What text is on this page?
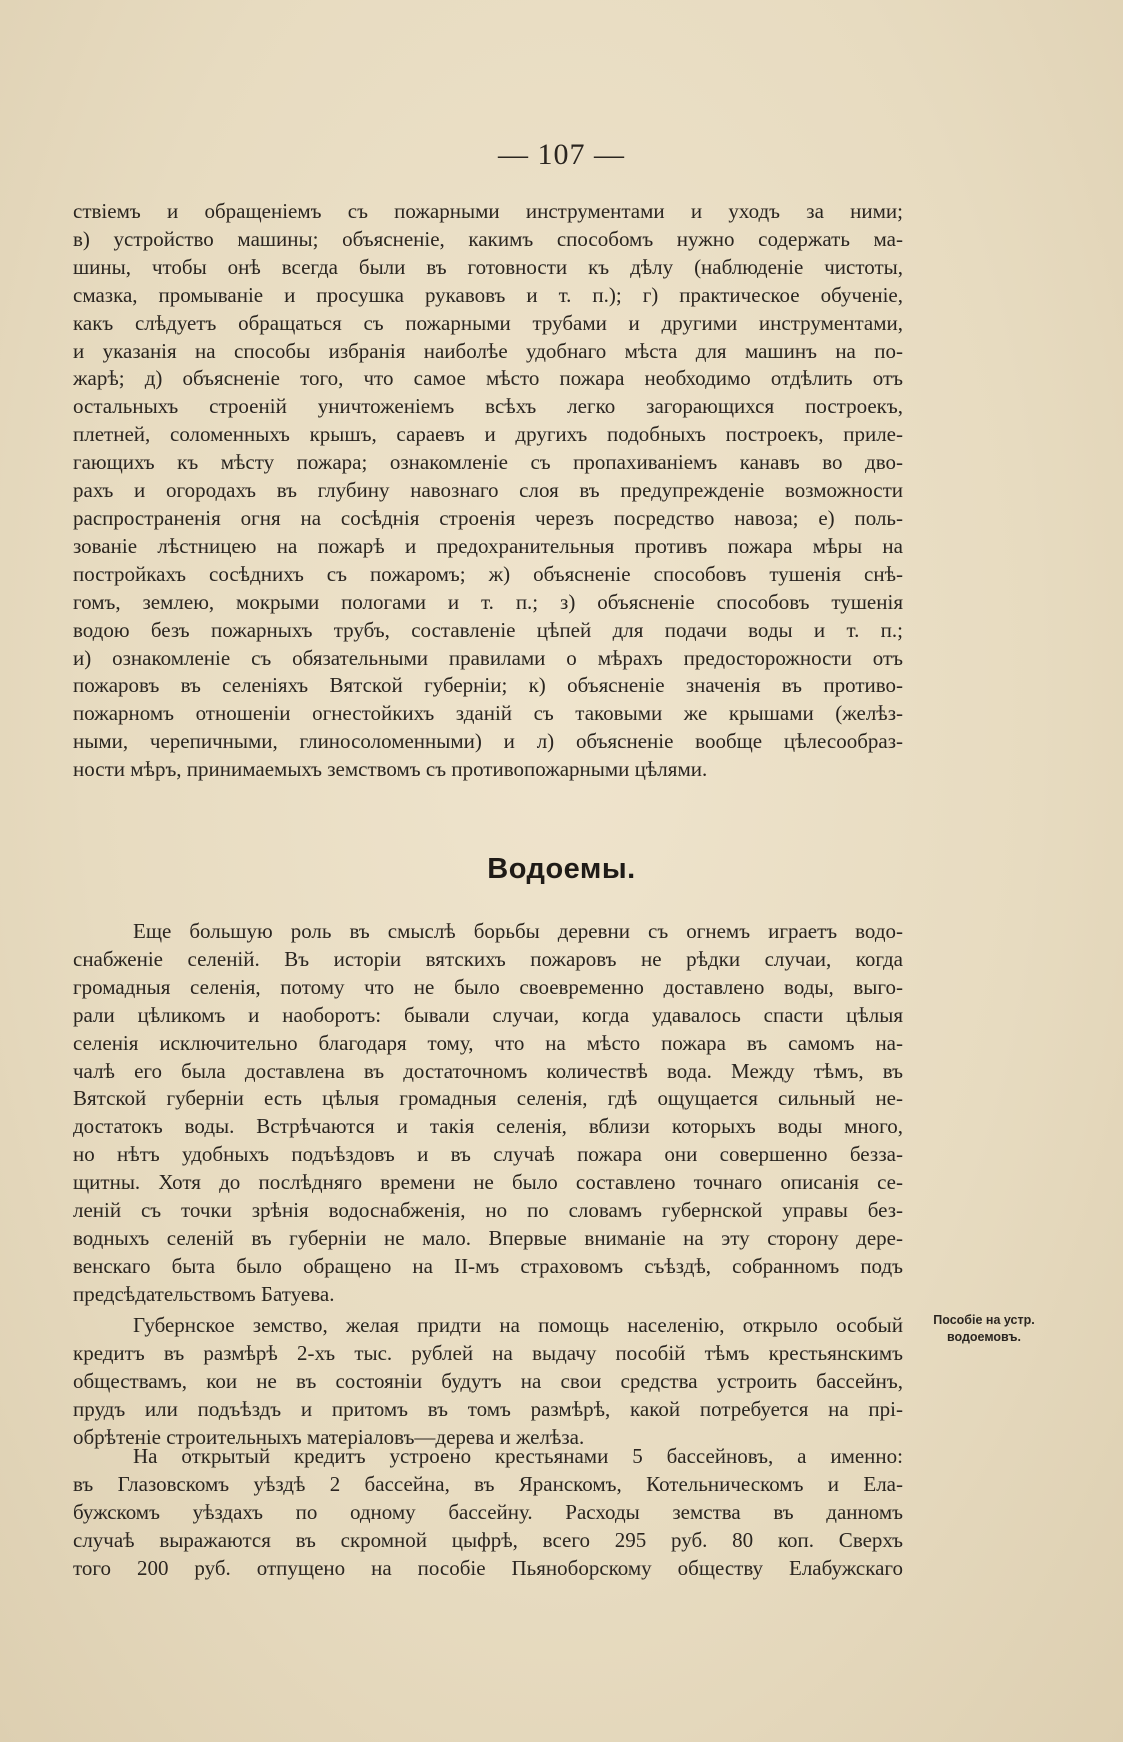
— 107 —
ствіемъ и обращеніемъ съ пожарными инструментами и уходъ за ними;
в) устройство машины; объясненіе, какимъ способомъ нужно содержать ма-
шины, чтобы онѣ всегда были въ готовности къ дѣлу (наблюденіе чистоты,
смазка, промываніе и просушка рукавовъ и т. п.); г) практическое обученіе,
какъ слѣдуетъ обращаться съ пожарными трубами и другими инструментами,
и указанія на способы избранія наиболѣе удобнаго мѣста для машинъ на по-
жарѣ; д) объясненіе того, что самое мѣсто пожара необходимо отдѣлить отъ
остальныхъ строеній уничтоженіемъ всѣхъ легко загорающихся построекъ,
плетней, соломенныхъ крышъ, сараевъ и другихъ подобныхъ построекъ, приле-
гающихъ къ мѣсту пожара; ознакомленіе съ пропахиваніемъ канавъ во дво-
рахъ и огородахъ въ глубину навознаго слоя въ предупрежденіе возможности
распространенія огня на сосѣднія строенія черезъ посредство навоза; е) поль-
зованіе лѣстницею на пожарѣ и предохранительныя противъ пожара мѣры на
постройкахъ сосѣднихъ съ пожаромъ; ж) объясненіе способовъ тушенія снѣ-
гомъ, землею, мокрыми пологами и т. п.; з) объясненіе способовъ тушенія
водою безъ пожарныхъ трубъ, составленіе цѣпей для подачи воды и т. п.;
и) ознакомленіе съ обязательными правилами о мѣрахъ предосторожности отъ
пожаровъ въ селеніяхъ Вятской губерніи; к) объясненіе значенія въ противо-
пожарномъ отношеніи огнестойкихъ зданій съ таковыми же крышами (желѣз-
ными, черепичными, глиносоломенными) и л) объясненіе вообще цѣлесообраз-
ности мѣръ, принимаемыхъ земствомъ съ противопожарными цѣлями.
Водоемы.
Еще большую роль въ смыслѣ борьбы деревни съ огнемъ играетъ водо-
снабженіе селеній. Въ исторіи вятскихъ пожаровъ не рѣдки случаи, когда
громадныя селенія, потому что не было своевременно доставлено воды, выго-
рали цѣликомъ и наоборотъ: бывали случаи, когда удавалось спасти цѣлыя
селенія исключительно благодаря тому, что на мѣсто пожара въ самомъ на-
чалѣ его была доставлена въ достаточномъ количествѣ вода. Между тѣмъ, въ
Вятской губерніи есть цѣлыя громадныя селенія, гдѣ ощущается сильный не-
достатокъ воды. Встрѣчаются и такія селенія, вблизи которыхъ воды много,
но нѣтъ удобныхъ подъѣздовъ и въ случаѣ пожара они совершенно безза-
щитны. Хотя до послѣдняго времени не было составлено точнаго описанія се-
леній съ точки зрѣнія водоснабженія, но по словамъ губернской управы без-
водныхъ селеній въ губерніи не мало. Впервые вниманіе на эту сторону дере-
венскаго быта было обращено на II-мъ страховомъ съѣздѣ, собранномъ подъ
предсѣдательствомъ Батуева.
Губернское земство, желая придти на помощь населенію, открыло особый
кредитъ въ размѣрѣ 2-хъ тыс. рублей на выдачу пособій тѣмъ крестьянскимъ
обществамъ, кои не въ состояніи будутъ на свои средства устроить бассейнъ,
прудъ или подъѣздъ и притомъ въ томъ размѣрѣ, какой потребуется на прі-
обрѣтеніе строительныхъ матеріаловъ—дерева и желѣза.
Пособіе на устр.
водоемовъ.
На открытый кредитъ устроено крестьянами 5 бассейновъ, а именно:
въ Глазовскомъ уѣздѣ 2 бассейна, въ Яранскомъ, Котельническомъ и Ела-
бужскомъ уѣздахъ по одному бассейну. Расходы земства въ данномъ
случаѣ выражаются въ скромной цыфрѣ, всего 295 руб. 80 коп. Сверхъ
того 200 руб. отпущено на пособіе Пьяноборскому обществу Елабужскаго
